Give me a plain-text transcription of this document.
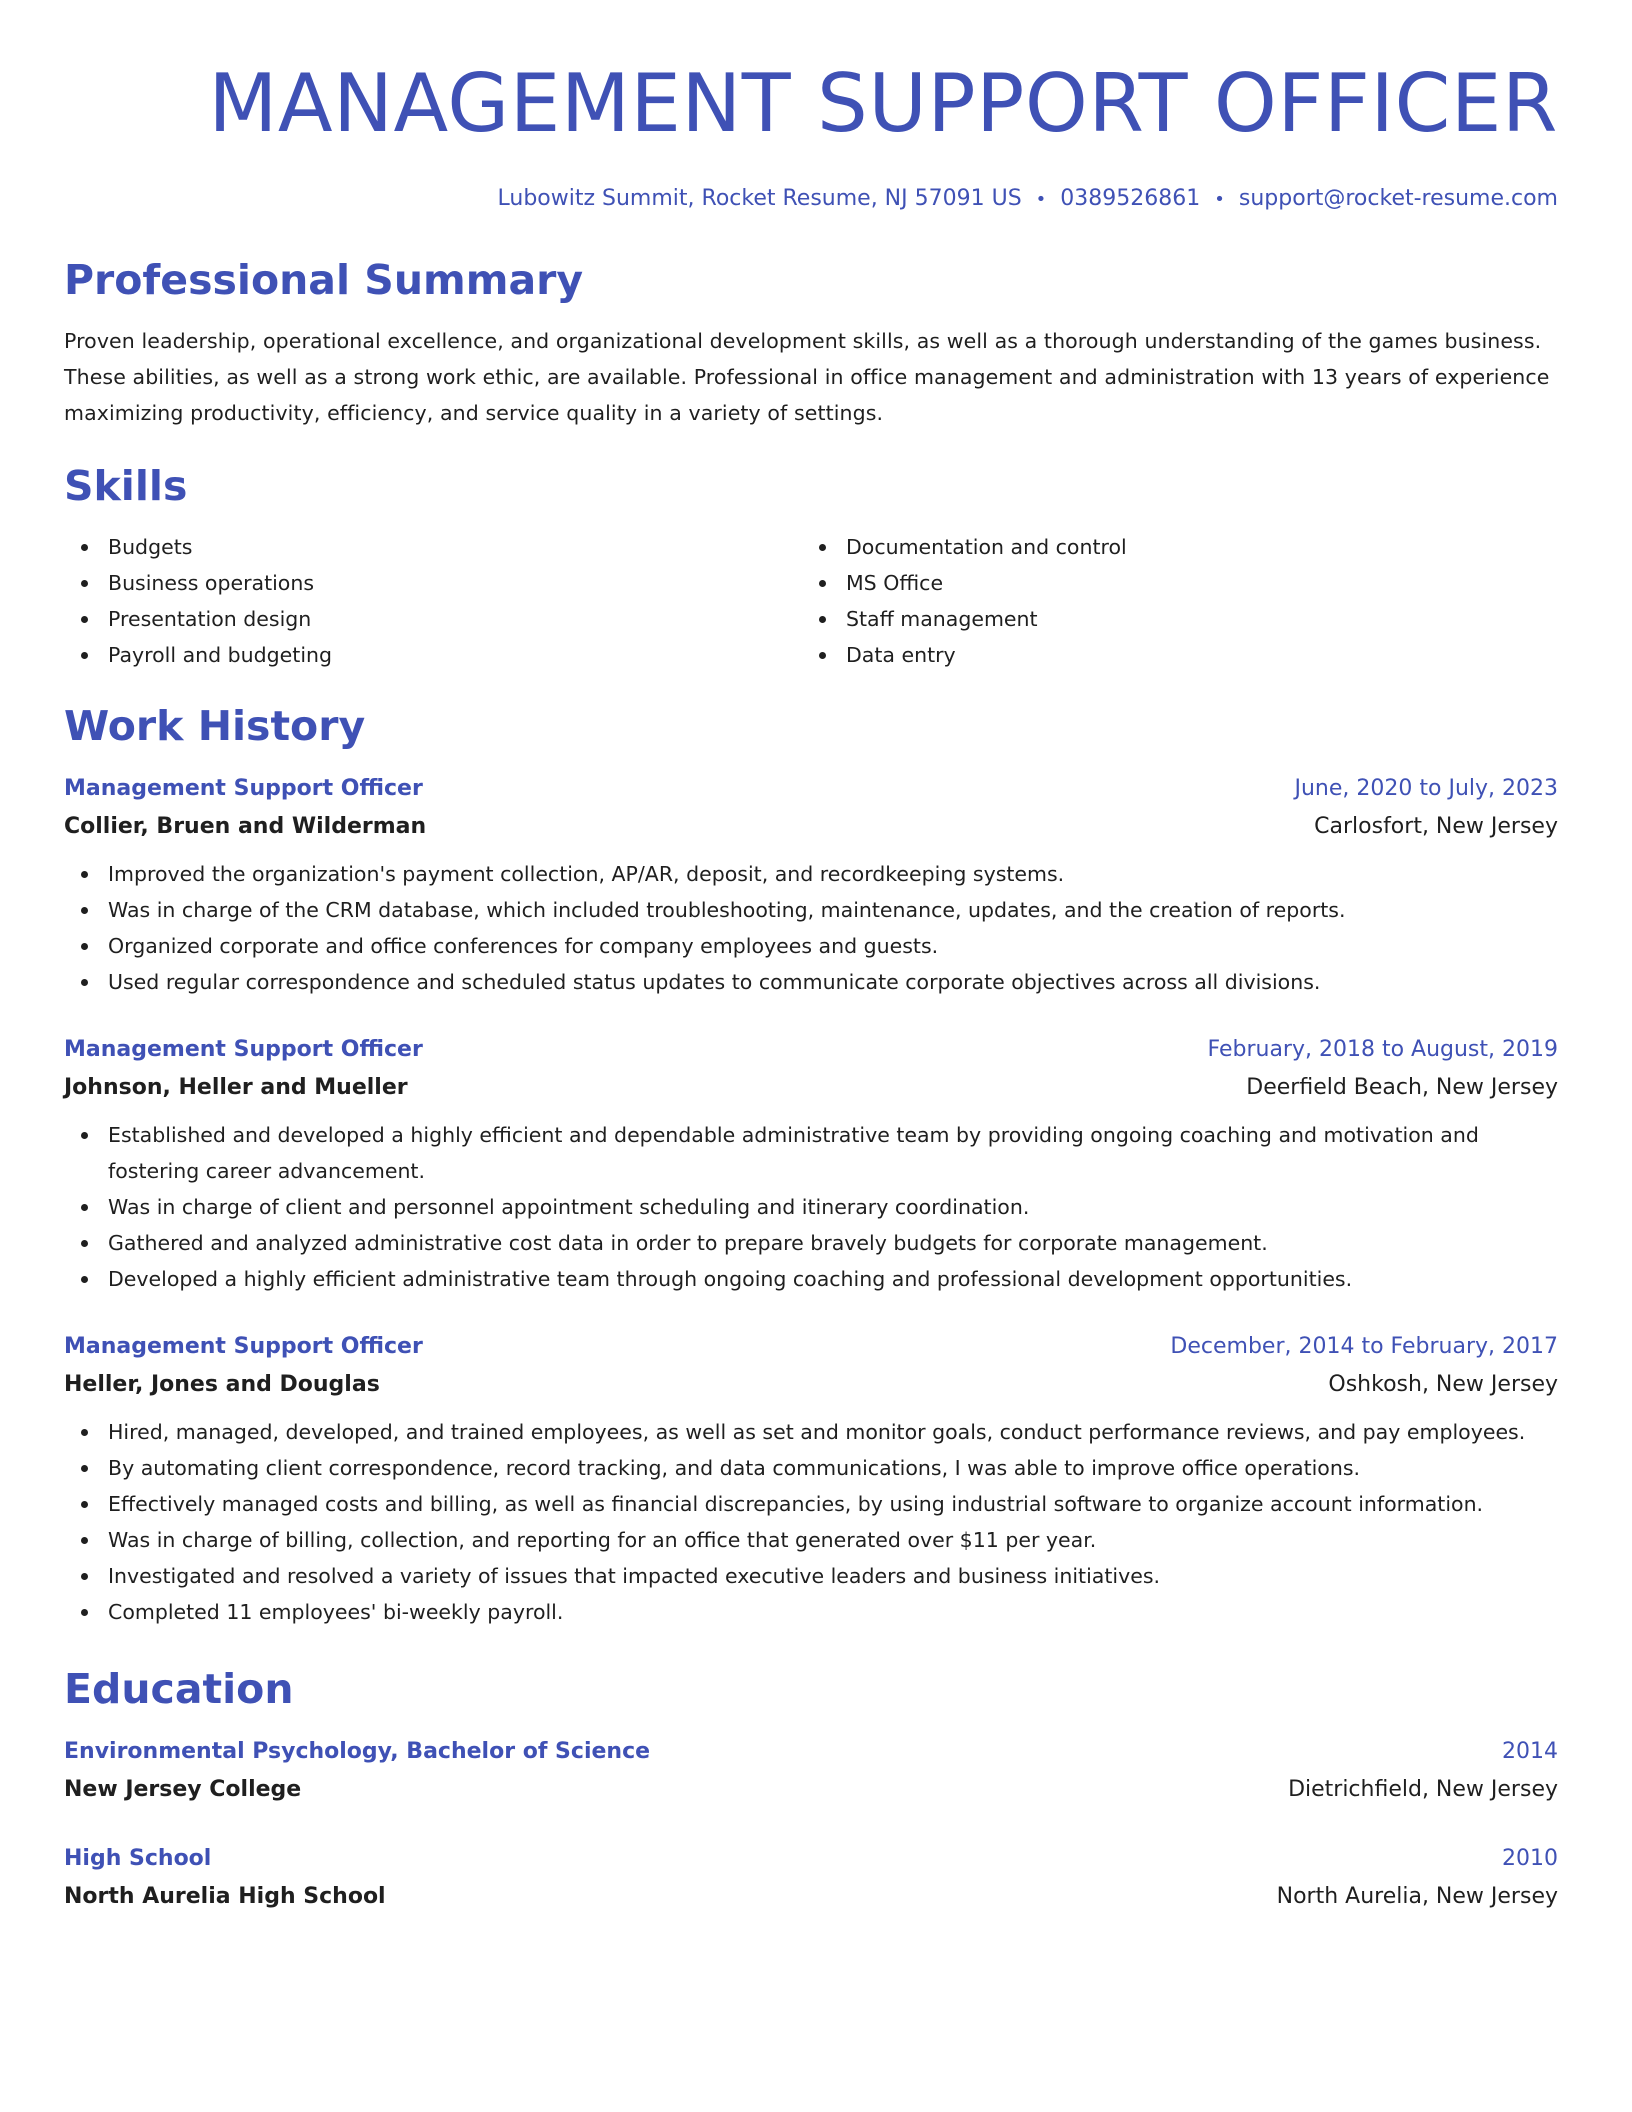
MANAGEMENT SUPPORT OFFICER
Lubowitz Summit, Rocket Resume, NJ 57091 US • 0389526861 • support@rocket-resume.com
Professional Summary

Proven leadership, operational excellence, and organizational development skills, as well as a thorough understanding of the games business. These abilities, as well as a strong work ethic, are available. Professional in office management and administration with 13 years of experience maximizing productivity, efficiency, and service quality in a variety of settings.

Skills
Budgets
Business operations
Presentation design
Payroll and budgeting
Documentation and control
MS Office
Staff management
Data entry
Work History
Management Support Officer	June, 2020 to July, 2023
Collier, Bruen and Wilderman	Carlosfort, New Jersey
Improved the organization's payment collection, AP/AR, deposit, and recordkeeping systems.
Was in charge of the CRM database, which included troubleshooting, maintenance, updates, and the creation of reports.
Organized corporate and office conferences for company employees and guests.
Used regular correspondence and scheduled status updates to communicate corporate objectives across all divisions.
Management Support Officer	February, 2018 to August, 2019
Johnson, Heller and Mueller	Deerfield Beach, New Jersey
Established and developed a highly efficient and dependable administrative team by providing ongoing coaching and motivation and fostering career advancement.
Was in charge of client and personnel appointment scheduling and itinerary coordination.
Gathered and analyzed administrative cost data in order to prepare bravely budgets for corporate management.
Developed a highly efficient administrative team through ongoing coaching and professional development opportunities.
Management Support Officer	December, 2014 to February, 2017
Heller, Jones and Douglas	Oshkosh, New Jersey
Hired, managed, developed, and trained employees, as well as set and monitor goals, conduct performance reviews, and pay employees.
By automating client correspondence, record tracking, and data communications, I was able to improve office operations.
Effectively managed costs and billing, as well as financial discrepancies, by using industrial software to organize account information.
Was in charge of billing, collection, and reporting for an office that generated over $11 per year.
Investigated and resolved a variety of issues that impacted executive leaders and business initiatives.
Completed 11 employees' bi-weekly payroll.
Education
Environmental Psychology, Bachelor of Science	2014
New Jersey College	Dietrichfield, New Jersey
High School	2010
North Aurelia High School	North Aurelia, New Jersey
